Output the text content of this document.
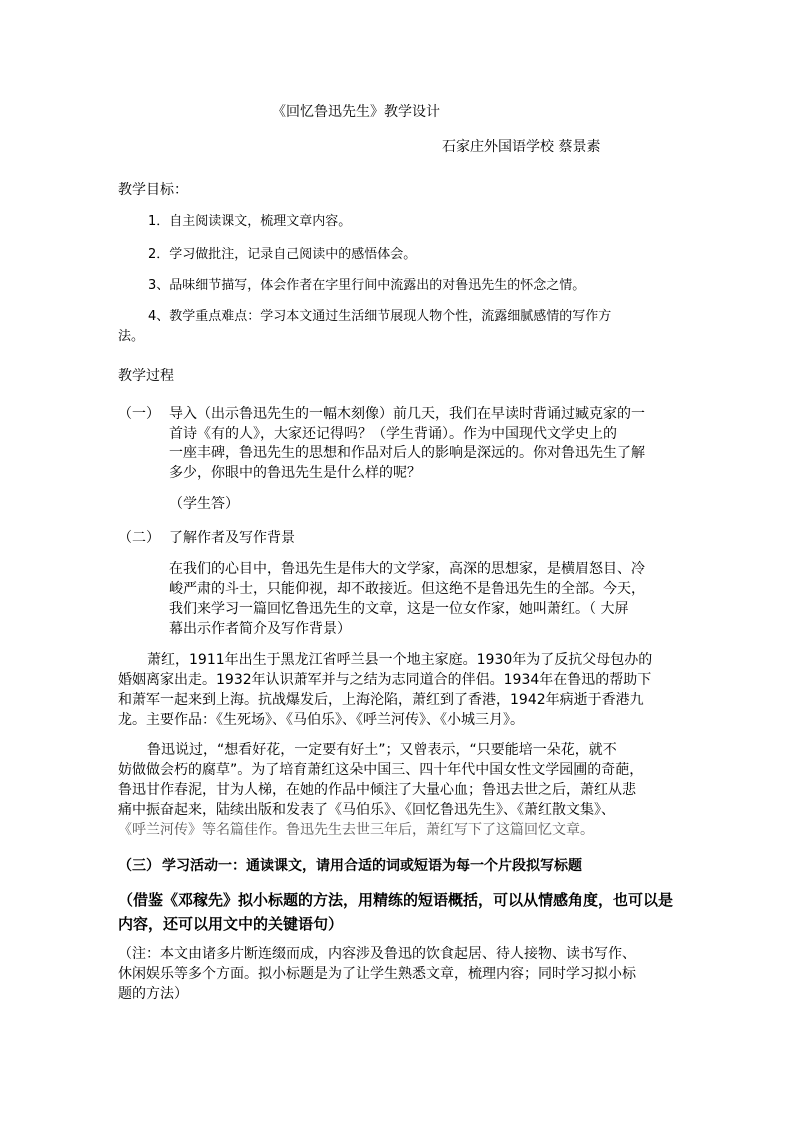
《回忆鲁迅先生》教学设计
石家庄外国语学校 蔡景素
教学目标：
1．自主阅读课文，梳理文章内容。
2．学习做批注，记录自己阅读中的感悟体会。
3、品味细节描写，体会作者在字里行间中流露出的对鲁迅先生的怀念之情。
4、教学重点难点：学习本文通过生活细节展现人物个性，流露细腻感情的写作方
法。
教学过程
（一） 导入（出示鲁迅先生的一幅木刻像）前几天，我们在早读时背诵过臧克家的一
首诗《有的人》，大家还记得吗？（学生背诵）。作为中国现代文学史上的
一座丰碑，鲁迅先生的思想和作品对后人的影响是深远的。你对鲁迅先生了解
多少，你眼中的鲁迅先生是什么样的呢？
（学生答）
（二） 了解作者及写作背景
在我们的心目中，鲁迅先生是伟大的文学家，高深的思想家，是横眉怒目、冷
峻严肃的斗士，只能仰视，却不敢接近。但这绝不是鲁迅先生的全部。今天，
我们来学习一篇回忆鲁迅先生的文章，这是一位女作家，她叫萧红。（ 大屏
幕出示作者简介及写作背景）
萧红，1911年出生于黑龙江省呼兰县一个地主家庭。1930年为了反抗父母包办的
婚姻离家出走。1932年认识萧军并与之结为志同道合的伴侣。1934年在鲁迅的帮助下
和萧军一起来到上海。抗战爆发后，上海沦陷，萧红到了香港，1942年病逝于香港九
龙。主要作品：《生死场》、《马伯乐》、《呼兰河传》、《小城三月》。
鲁迅说过，“想看好花，一定要有好土”；又曾表示，“只要能培一朵花，就不
妨做做会朽的腐草”。为了培育萧红这朵中国三、四十年代中国女性文学园圃的奇葩，
鲁迅甘作春泥，甘为人梯，在她的作品中倾注了大量心血；鲁迅去世之后，萧红从悲
痛中振奋起来，陆续出版和发表了《马伯乐》、《回忆鲁迅先生》、《萧红散文集》、
《呼兰河传》等名篇佳作。鲁迅先生去世三年后，萧红写下了这篇回忆文章。
（三） 学习活动一：通读课文，请用合适的词或短语为每一个片段拟写标题
（借鉴《邓稼先》拟小标题的方法，用精练的短语概括，可以从情感角度，也可以是
内容，还可以用文中的关键语句）
（注：本文由诸多片断连缀而成，内容涉及鲁迅的饮食起居、待人接物、读书写作、
休闲娱乐等多个方面。拟小标题是为了让学生熟悉文章，梳理内容；同时学习拟小标
题的方法）
